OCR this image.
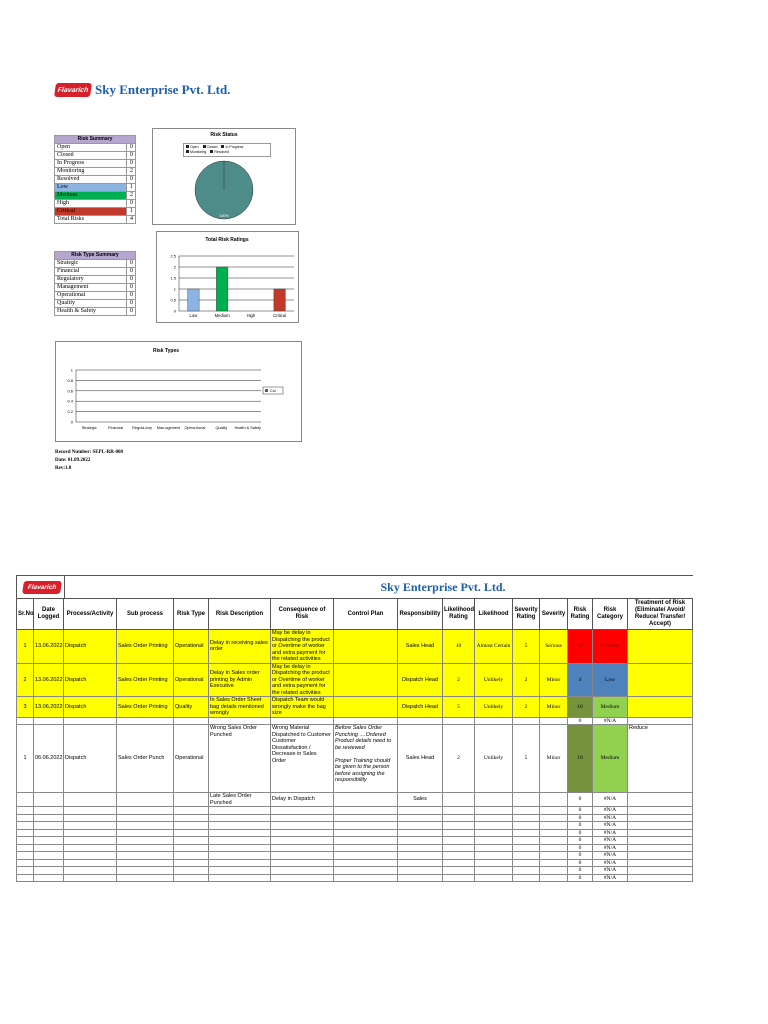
Flavarich Sky Enterprise Pvt. Ltd.
Risk Summary	
Open	0
Closed	0
In Progress	0
Monitoring	2
Resolved	0
Low	1
Medium	2
High	0
Critical	1
Total Risks	4
Risk Type Summary	
Strategic	0
Financial	0
Regulatory	0
Management	0
Operational	0
Quality	0
Health & Safety	0
Risk Status
Open Closed In ProgressMonitoring Resolved
100%
Total Risk Ratings
0
0.5
1
1.5
2
2.5
Low	Medium	High	Critical
Risk Types
0
0.2
0.4
0.6
0.8
1
Strategic	Financial Regula-tory Man-agement Opera-tional	Quality Health & Safety
Col
Record Number: SEPL-RR-008
Date: 01.09.2022
Rev:1.0
Flavarich	Sky Enterprise Pvt. Ltd.
Sr.No	Date Logged	Process/Activity	Sub process	Risk Type	Risk Description	Consequence of Risk	Control Plan	Responsibility	Likelihood Rating	Likelihood	Severity Rating	Severity	Risk Rating	Risk Category	Treatment of Risk (Eliminate/ Avoid/ Reduce/ Transfer/ Accept)
1	13.06.2022	Dispatch	Sales Order Printing	Operational	Delay in receiving sales order	May be delay in Dispatching the product or Overtime of worker and extra payment for the related activities		Sales Head	10	Almost Certain	5	Serious	50	Extreme	
2	13.06.2022	Dispatch	Sales Order Printing	Operational	Delay in Sales order printing by Admin Executive	May be delay in Dispatching the product or Overtime of worker and extra payment for the related activities		Dispatch Head	2	Unlikely	2	Minor	4	Low	
3	13.06.2022	Dispatch	Sales Order Printing	Quality	In Sales Order Sheet bag details mentioned wrongly	Dispatch Team would wrongly make the bag size		Dispatch Head	5	Unlikely	2	Minor	10	Medium	
													0	#N/A	
1	06.06.2022	Dispatch	Sales Order Punch	Operational	Wrong Sales Order Punched	Wrong Material Dispatched to Customer Customer Dissatisfaction / Decrease in Sales Order	Before Sales Order Punching ....Ordered Product details need to be reviewed

Proper Training should be given to the person before assigning the responsibility	Sales Head	2	Unlikely	5	Minor	10	Medium	Reduce
					Late Sales Order Punched	Delay in Dispatch		Sales					0	#N/A	
													0	#N/A	
													0	#N/A	
													0	#N/A	
													0	#N/A	
													0	#N/A	
													0	#N/A	
													0	#N/A	
													0	#N/A	
													0	#N/A	
													0	#N/A	
